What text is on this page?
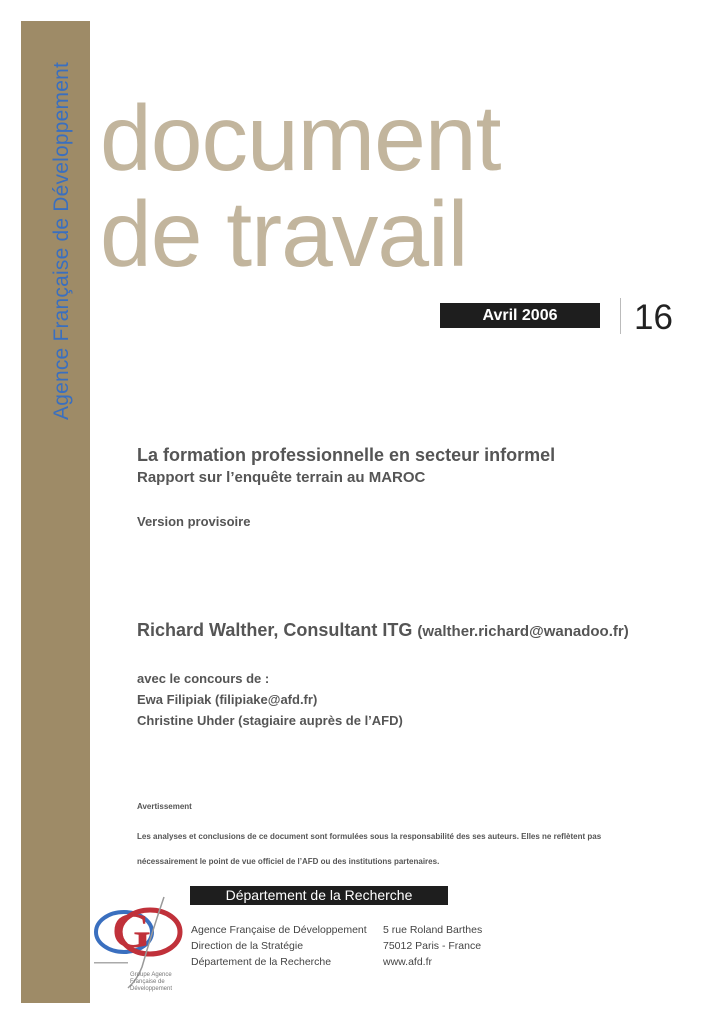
Agence Française de Développement document
de travail
Avril 2006	16
La formation professionnelle en secteur informel
Rapport sur l’enquête terrain au MAROC
Version provisoire
Richard Walther, Consultant ITG (walther.richard@wanadoo.fr)
avec le concours de :
Ewa Filipiak (filipiake@afd.fr)
Christine Uhder (stagiaire auprès de l’AFD)
Avertissement
Les analyses et conclusions de ce document sont formulées sous la responsabilité des ses auteurs. Elles ne reflètent pas
nécessairement le point de vue officiel de l’AFD ou des institutions partenaires.
Département de la Recherche
G
Groupe Agence
Française de
Développement
Agence Française de Développement
Direction de la Stratégie
Département de la Recherche
5 rue Roland Barthes
75012 Paris - France
www.afd.fr
